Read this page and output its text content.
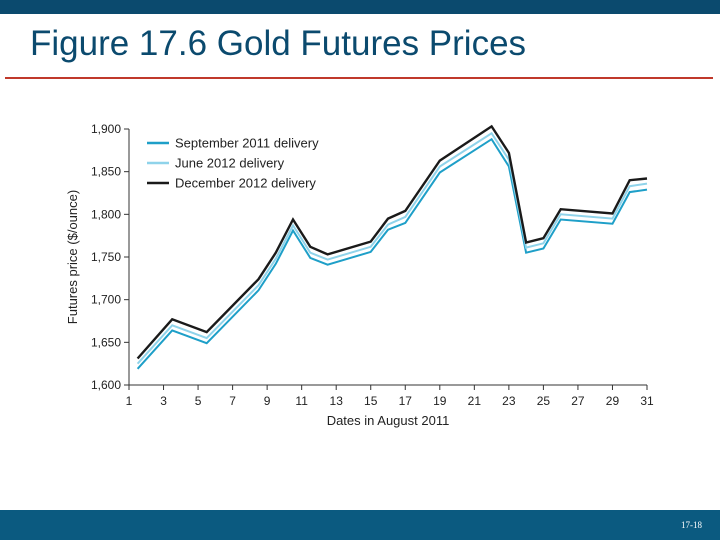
Figure 17.6 Gold Futures Prices
1,600
1,650
1,700
1,750
1,800
1,850
1,900
1 3 5 7 9 11 13 15 17 19 21 23 25 27 29 31
September 2011 delivery
June 2012 delivery
December 2012 delivery
Dates in August 2011
Futures price ($/ounce)
17-18
